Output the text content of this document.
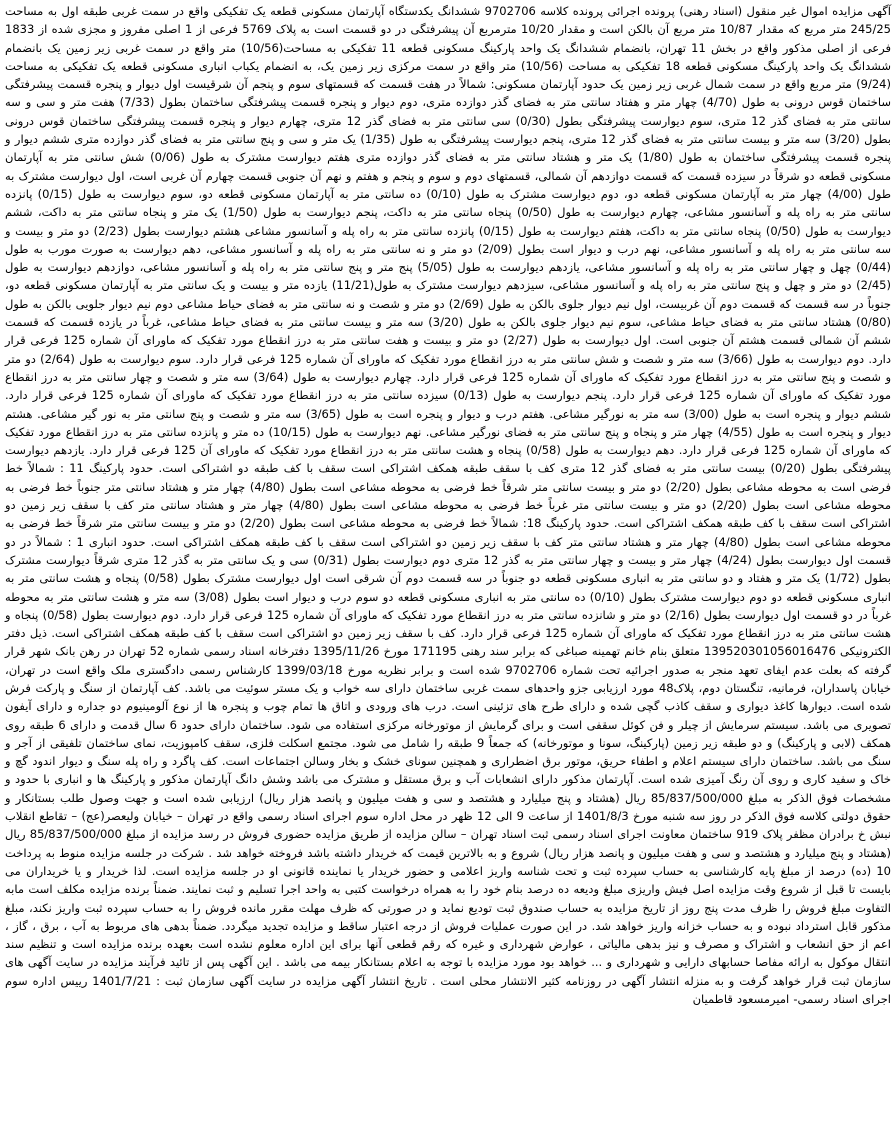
آگهی مزایده اموال غیر منقول (اسناد رهنی) پرونده اجرائی پرونده کلاسه 9702706 ششدانگ یکدستگاه آپارتمان مسکونی قطعه یک تفکیکی واقع در سمت غربی طبقه اول به مساحت 245/25 متر مربع که مقدار 10/87 متر مربع آن بالکن است و مقدار 10/20 مترمربع آن پیشرفتگی در دو قسمت است به پلاک 5769 فرعی از 1 اصلی مفروز و مجزی شده از 1833 فرعی از اصلی مذکور واقع در بخش 11 تهران، بانضمام ششدانگ یک واحد پارکینگ مسکونی قطعه 11 تفکیکی به مساحت(10/56) متر واقع در سمت غربی زیر زمین یک بانضمام ششدانگ یک واحد پارکینگ مسکونی قطعه 18 تفکیکی به مساحت (10/56) متر واقع در سمت مرکزی زیر زمین یک، به انضمام یکباب انباری مسکونی قطعه یک تفکیکی به مساحت (9/24) متر مربع واقع در سمت شمال غربی زیر زمین یک حدود آپارتمان مسکونی: شمالاً در هفت قسمت که قسمتهای سوم و پنجم آن شرقیست اول دیوار و پنجره قسمت پیشرفتگی ساختمان قوس درونی به طول (4/70) چهار متر و هفتاد سانتی متر به فضای گذر دوازده متری، دوم دیوار و پنجره قسمت پیشرفتگی ساختمان بطول (7/33) هفت متر و سی و سه سانتی متر به فضای گذر 12 متری، سوم دیوارست پیشرفتگی بطول (0/30) سی سانتی متر به فضای گذر 12 متری، چهارم دیوار و پنجره قسمت پیشرفتگی ساختمان قوس درونی بطول (3/20) سه متر و بیست سانتی متر به فضای گذر 12 متری، پنجم دیوارست پیشرفتگی به طول (1/35) یک متر و سی و پنج سانتی متر به فضای گذر دوازده متری ششم دیوار و پنجره قسمت پیشرفتگی ساختمان به طول (1/80) یک متر و هشتاد سانتی متر به فضای گذر دوازده متری هفتم دیوارست مشترک به طول (0/06) شش سانتی متر به آپارتمان مسکونی قطعه دو شرقاً در سیزده قسمت که قسمت دوازدهم آن شمالی، قسمتهای دوم و سوم و پنجم و هفتم و نهم آن جنوبی قسمت چهارم آن غربی است، اول دیوارست مشترک به طول (4/00) چهار متر به آپارتمان مسکونی قطعه دو، دوم دیوارست مشترک به طول (0/10) ده سانتی متر به آپارتمان مسکونی قطعه دو، سوم دیوارست به طول (0/15) پانزده سانتی متر به راه پله و آسانسور مشاعی، چهارم دیوارست به طول (0/50) پنجاه سانتی متر به داکت، پنجم دیوارست به طول (1/50) یک متر و پنجاه سانتی متر به داکت، ششم دیوارست به طول (0/50) پنجاه سانتی متر به داکت، هفتم دیوارست به طول (0/15) پانزده سانتی متر به راه پله و آسانسور مشاعی هشتم دیوارست بطول (2/23) دو متر و بیست و سه سانتی متر به راه پله و آسانسور مشاعی، نهم درب و دیوار است بطول (2/09) دو متر و نه سانتی متر به راه پله و آسانسور مشاعی، دهم دیوارست به صورت مورب به طول (0/44) چهل و چهار سانتی متر به راه پله و آسانسور مشاعی، یازدهم دیوارست به طول (5/05) پنج متر و پنج سانتی متر به راه پله و آسانسور مشاعی، دوازدهم دیوارست به طول (2/45) دو متر و چهل و پنج سانتی متر به راه پله و آسانسور مشاعی، سیزدهم دیوارست مشترک به طول(11/21) یازده متر و بیست و یک سانتی متر به آپارتمان مسکونی قطعه دو، جنوباً در سه قسمت که قسمت دوم آن غربیست، اول نیم دیوار جلوی بالکن به طول (2/69) دو متر و شصت و نه سانتی متر به فضای حیاط مشاعی دوم نیم دیوار جلویی بالکن به طول (0/80) هشتاد سانتی متر به فضای حیاط مشاعی، سوم نیم دیوار جلوی بالکن به طول (3/20) سه متر و بیست سانتی متر به فضای حیاط مشاعی، غرباً در یازده قسمت که قسمت ششم آن شمالی قسمت هشتم آن جنوبی است. اول دیوارست به طول (2/27) دو متر و بیست و هفت سانتی متر به درز انقطاع مورد تفکیک که ماورای آن شماره 125 فرعی قرار دارد. دوم دیوارست به طول (3/66) سه متر و شصت و شش سانتی متر به درز انقطاع مورد تفکیک که ماورای آن شماره 125 فرعی قرار دارد. سوم دیوارست به طول (2/64) دو متر و شصت و پنج سانتی متر به درز انقطاع مورد تفکیک که ماورای آن شماره 125 فرعی قرار دارد. چهارم دیوارست به طول (3/64) سه متر و شصت و چهار سانتی متر به درز انقطاع مورد تفکیک که ماورای آن شماره 125 فرعی قرار دارد. پنجم دیوارست به طول (0/13) سیزده سانتی متر به درز انقطاع مورد تفکیک که ماورای آن شماره 125 فرعی قرار دارد. ششم دیوار و پنجره است به طول (3/00) سه متر به نورگیر مشاعی. هفتم درب و دیوار و پنجره است به طول (3/65) سه متر و شصت و پنج سانتی متر به نور گیر مشاعی. هشتم دیوار و پنجره است به طول (4/55) چهار متر و پنجاه و پنج سانتی متر به فضای نورگیر مشاعی. نهم دیوارست به طول (10/15) ده متر و پانزده سانتی متر به درز انقطاع مورد تفکیک که ماورای آن شماره 125 فرعی قرار دارد. دهم دیوارست به طول (0/58) پنجاه و هشت سانتی متر به درز انقطاع مورد تفکیک که ماورای آن 125 فرعی قرار دارد. یازدهم دیوارست پیشرفتگی بطول (0/20) بیست سانتی متر به فضای گذر 12 متری کف با سقف طبقه همکف اشتراکی است سقف با کف طبقه دو اشتراکی است. حدود پارکینگ 11 : شمالاً خط فرضی است به محوطه مشاعی بطول (2/20) دو متر و بیست سانتی متر شرقاً خط فرضی به محوطه مشاعی است بطول (4/80) چهار متر و هشتاد سانتی متر جنوباً خط فرضی به محوطه مشاعی است بطول (2/20) دو متر و بیست سانتی متر غرباً خط فرضی به محوطه مشاعی است بطول (4/80) چهار متر و هشتاد سانتی متر کف با سقف زیر زمین دو اشتراکی است سقف با کف طبقه همکف اشتراکی است. حدود پارکینگ 18: شمالاً خط فرضی به محوطه مشاعی است بطول (2/20) دو متر و بیست سانتی متر شرقاً خط فرضی به محوطه مشاعی است بطول (4/80) چهار متر و هشتاد سانتی متر کف با سقف زیر زمین دو اشتراکی است سقف با کف طبقه همکف اشتراکی است. حدود انباری 1 : شمالاً در دو قسمت اول دیوارست بطول (4/24) چهار متر و بیست و چهار سانتی متر به گذر 12 متری دوم دیوارست بطول (0/31) سی و یک سانتی متر به گذر 12 متری شرقاً دیوارست مشترک بطول (1/72) یک متر و هفتاد و دو سانتی متر به انباری مسکونی قطعه دو جنوباً در سه قسمت دوم آن شرقی است اول دیوارست مشترک بطول (0/58) پنجاه و هشت سانتی متر به انباری مسکونی قطعه دو دوم دیوارست مشترک بطول (0/10) ده سانتی متر به انباری مسکونی قطعه دو سوم درب و دیوار است بطول (3/08) سه متر و هشت سانتی متر به محوطه غرباً در دو قسمت اول دیوارست بطول (2/16) دو متر و شانزده سانتی متر به درز انقطاع مورد تفکیک که ماورای آن شماره 125 فرعی قرار دارد. دوم دیوارست بطول (0/58) پنجاه و هشت سانتی متر به درز انقطاع مورد تفکیک که ماورای آن شماره 125 فرعی قرار دارد. کف با سقف زیر زمین دو اشتراکی است سقف با کف طبقه همکف اشتراکی است. ذیل دفتر الکترونیکی 139520301056016476 متعلق بنام خانم تهمینه صباغی که برابر سند رهنی 171195 مورخ 1395/11/26 دفترخانه اسناد رسمی شماره 52 تهران در رهن بانک شهر قرار گرفته که بعلت عدم ایفای تعهد منجر به صدور اجرائیه تحت شماره 9702706 شده است و برابر نظریه مورخ 1399/03/18 کارشناس رسمی دادگستری ملک واقع است در تهران، خیابان پاسداران، فرمانیه، تنگستان دوم، پلاک48 مورد ارزیابی جزو واحدهای سمت غربی ساختمان دارای سه خواب و یک مستر سوئیت می باشد. کف آپارتمان از سنگ و پارکت فرش شده است. دیوارها کاغذ دیواری و سقف کاذب گچی شده و دارای طرح های تزئینی است. درب های ورودی و اتاق ها تمام چوب و پنجره ها از نوع آلومینیوم دو جداره و دارای آیفون تصویری می باشد. سیستم سرمایش از چیلر و فن کوئل سقفی است و برای گرمایش از موتورخانه مرکزی استفاده می شود. ساختمان دارای حدود 6 سال قدمت و دارای 6 طبقه روی همکف (لابی و پارکینگ) و دو طبقه زیر زمین (پارکینگ، سونا و موتورخانه) که جمعاً 9 طبقه را شامل می شود. مجتمع اسکلت فلزی، سقف کامپوزیت، نمای ساختمان تلفیقی از آجر و سنگ می باشد. ساختمان دارای سیستم اعلام و اطفاء حریق، موتور برق اضطراری و همچنین سونای خشک و بخار وسالن اجتماعات است. کف پاگرد و راه پله سنگ و دیوار اندود گچ و خاک و سفید کاری و روی آن رنگ آمیزی شده است. آپارتمان مذکور دارای انشعابات آب و برق مستقل و مشترک می باشد وشش دانگ آپارتمان مذکور و پارکینگ ها و انباری با حدود و مشخصات فوق الذکر به مبلغ 85/837/500/000 ریال (هشتاد و پنج میلیارد و هشتصد و سی و هفت میلیون و پانصد هزار ریال) ارزیابی شده است و جهت وصول طلب بستانکار و حقوق دولتی کلاسه فوق الذکر در روز سه شنبه مورخ 1401/8/3 از ساعت 9 الی 12 ظهر در محل اداره سوم اجرای اسناد رسمی واقع در تهران – خیابان ولیعصر(عج) – تقاطع انقلاب نبش خ برادران مظفر پلاک 919 ساختمان معاونت اجرای اسناد رسمی ثبت اسناد تهران – سالن مزایده از طریق مزایده حضوری فروش در رسد مزایده از مبلغ 85/837/500/000 ریال (هشتاد و پنج میلیارد و هشتصد و سی و هفت میلیون و پانصد هزار ریال) شروع و به بالاترین قیمت که خریدار داشته باشد فروخته خواهد شد . شرکت در جلسه مزایده منوط به پرداخت 10 (ده) درصد از مبلغ پایه کارشناسی به حساب سپرده ثبت و تحت شناسه واریز اعلامی و حضور خریدار یا نماینده قانونی او در جلسه مزایده است. لذا خریدار و یا خریداران می بایست تا قبل از شروع وقت مزایده اصل فیش واریزی مبلغ ودیعه ده درصد بنام خود را به همراه درخواست کتبی به واحد اجرا تسلیم و ثبت نمایند. ضمناً برنده مزایده مکلف است مابه التفاوت مبلغ فروش را ظرف مدت پنج روز از تاریخ مزایده به حساب صندوق ثبت تودیع نماید و در صورتی که ظرف مهلت مقرر مانده فروش را به حساب سپرده ثبت واریز نکند، مبلغ مذکور قابل استرداد نبوده و به حساب خزانه واریز خواهد شد. در این صورت عملیات فروش از درجه اعتبار ساقط و مزایده تجدید میگردد. ضمناً بدهی های مربوط به آب ، برق ، گاز ، اعم از حق انشعاب و اشتراک و مصرف و نیز بدهی مالیاتی ، عوارض شهرداری و غیره که رقم قطعی آنها برای این اداره معلوم نشده است بعهده برنده مزایده است و تنظیم سند انتقال موکول به ارائه مفاصا حسابهای دارایی و شهرداری و ... خواهد بود مورد مزایده با توجه به اعلام بستانکار بیمه می باشد . این آگهی پس از تائید فرآیند مزایده در سایت آگهی های سازمان ثبت قرار خواهد گرفت و به منزله انتشار آگهی در روزنامه کثیر الانتشار محلی است . تاریخ انتشار آگهی مزایده در سایت آگهی سازمان ثبت : 1401/7/21 رییس اداره سوم اجرای اسناد رسمی- امیرمسعود قاطمیان
